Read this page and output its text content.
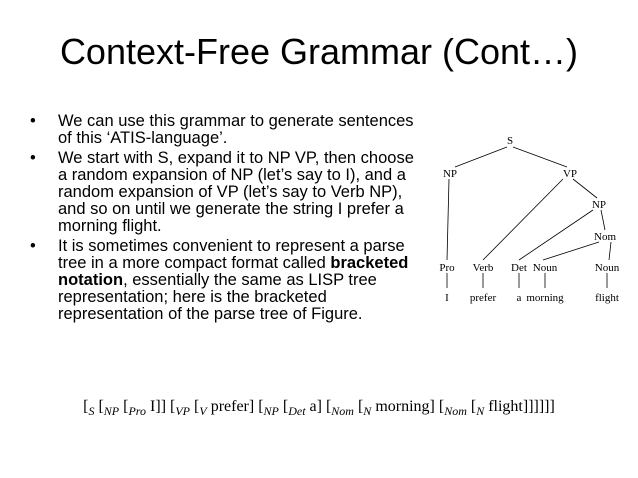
Context-Free Grammar (Cont…)
• We can use this grammar to generate sentences of this ‘ATIS-language’.
• We start with S, expand it to NP VP, then choose a random expansion of NP (let’s say to I), and a random expansion of VP (let’s say to Verb NP), and so on until we generate the string I prefer a morning flight.
• It is sometimes convenient to represent a parse tree in a more compact format called bracketed notation, essentially the same as LISP tree representation; here is the bracketed representation of the parse tree of Figure.
S
NP	VP
NP
Nom
Pro Verb Det Noun	Noun
I prefer a morning	flight
[$_S$ [$_{NP}$ [$_{Pro}$ I]] [$_{VP}$ [$_V$ prefer] [$_{NP}$ [$_{Det}$ a] [$_{Nom}$ [$_N$ morning] [$_{Nom}$ [$_N$ flight]]]]]]
